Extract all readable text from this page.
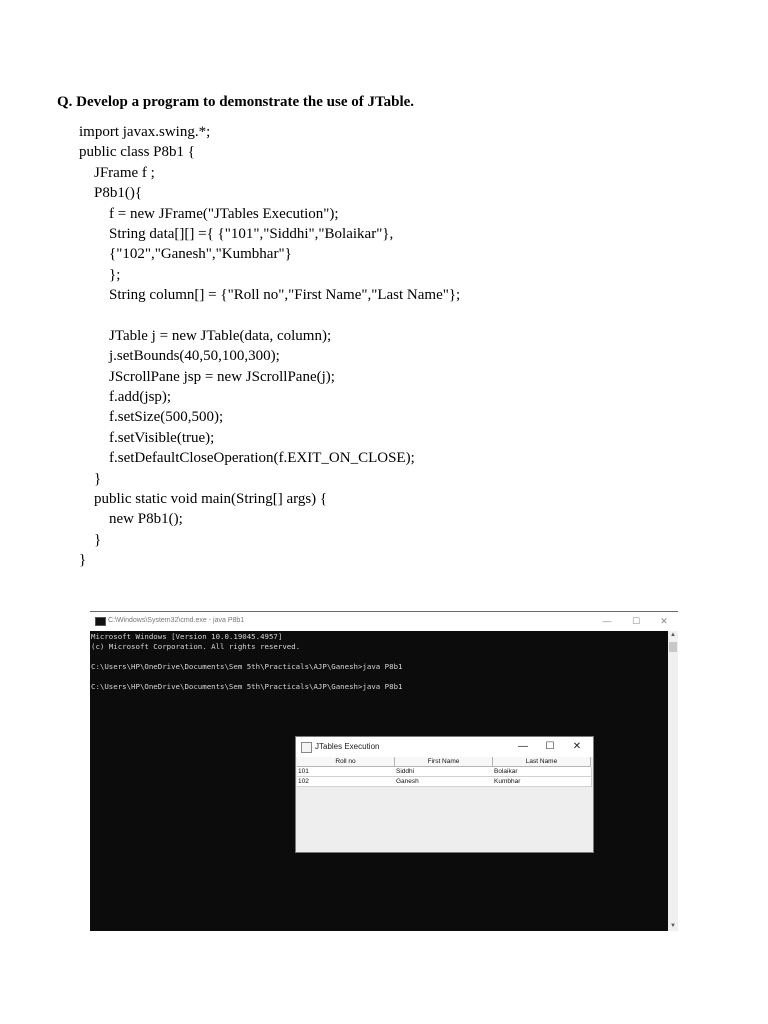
Q. Develop a program to demonstrate the use of JTable.
import javax.swing.*;
public class P8b1 {
JFrame f ;
P8b1(){
f = new JFrame("JTables Execution");
String data[][] ={ {"101","Siddhi","Bolaikar"},
{"102","Ganesh","Kumbhar"}
};
String column[] = {"Roll no","First Name","Last Name"};
JTable j = new JTable(data, column);
j.setBounds(40,50,100,300);
JScrollPane jsp = new JScrollPane(j);
f.add(jsp);
f.setSize(500,500);
f.setVisible(true);
f.setDefaultCloseOperation(f.EXIT_ON_CLOSE);
}
public static void main(String[] args) {
new P8b1();
}
}
C:\Windows\System32\cmd.exe - java P8b1	—	☐	✕
Microsoft Windows [Version 10.0.19045.4957]
(c) Microsoft Corporation. All rights reserved.
C:\Users\HP\OneDrive\Documents\Sem 5th\Practicals\AJP\Ganesh>java P8b1
C:\Users\HP\OneDrive\Documents\Sem 5th\Practicals\AJP\Ganesh>java P8b1
▲
▼
JTables Execution	—	☐	✕
Roll no	First Name	Last Name
101	Siddhi	Bolaikar
102	Ganesh	Kumbhar
